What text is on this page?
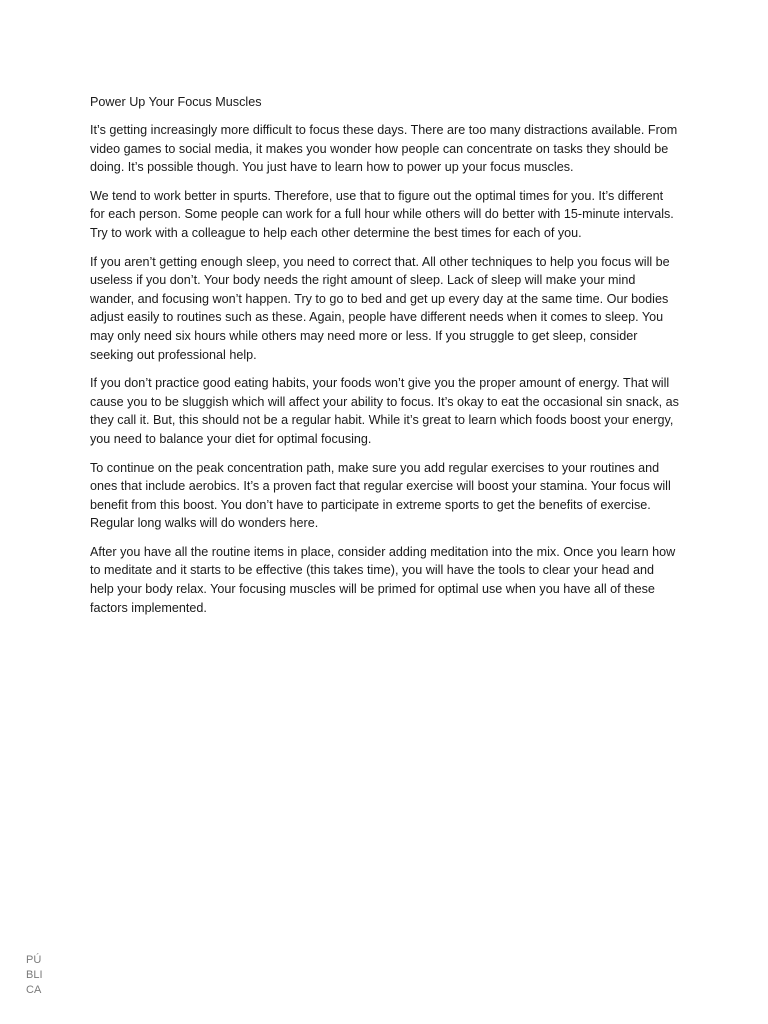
Power Up Your Focus Muscles

It’s getting increasingly more difficult to focus these days. There are too many distractions available. From video games to social media, it makes you wonder how people can concentrate on tasks they should be doing. It’s possible though. You just have to learn how to power up your focus muscles.

We tend to work better in spurts. Therefore, use that to figure out the optimal times for you. It’s different for each person. Some people can work for a full hour while others will do better with 15-minute intervals. Try to work with a colleague to help each other determine the best times for each of you.

If you aren’t getting enough sleep, you need to correct that. All other techniques to help you focus will be useless if you don’t. Your body needs the right amount of sleep. Lack of sleep will make your mind wander, and focusing won’t happen. Try to go to bed and get up every day at the same time. Our bodies adjust easily to routines such as these. Again, people have different needs when it comes to sleep. You may only need six hours while others may need more or less. If you struggle to get sleep, consider seeking out professional help.

If you don’t practice good eating habits, your foods won’t give you the proper amount of energy. That will cause you to be sluggish which will affect your ability to focus. It’s okay to eat the occasional sin snack, as they call it. But, this should not be a regular habit. While it’s great to learn which foods boost your energy, you need to balance your diet for optimal focusing.

To continue on the peak concentration path, make sure you add regular exercises to your routines and ones that include aerobics. It’s a proven fact that regular exercise will boost your stamina. Your focus will benefit from this boost. You don’t have to participate in extreme sports to get the benefits of exercise. Regular long walks will do wonders here.

After you have all the routine items in place, consider adding meditation into the mix. Once you learn how to meditate and it starts to be effective (this takes time), you will have the tools to clear your head and help your body relax. Your focusing muscles will be primed for optimal use when you have all of these factors implemented.

PÚ
BLI
CA
